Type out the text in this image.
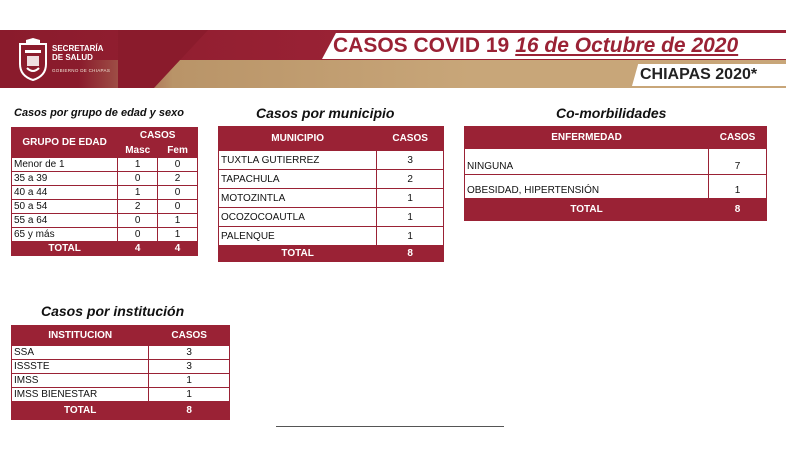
SECRETARÍA
DE SALUD
GOBIERNO DE CHIAPAS
CASOS COVID 19 16 de Octubre de 2020
CHIAPAS 2020*
Casos por grupo de edad y sexo
GRUPO DE EDAD	CASOS	
	Masc	Fem
Menor de 1	1	0
35 a 39	0	2
40 a 44	1	0
50 a 54	2	0
55 a 64	0	1
65 y más	0	1
TOTAL	4	4
Casos por municipio
MUNICIPIO	CASOS
TUXTLA GUTIERREZ	3
TAPACHULA	2
MOTOZINTLA	1
OCOZOCOAUTLA	1
PALENQUE	1
TOTAL	8
Co-morbilidades
ENFERMEDAD	CASOS
NINGUNA	7
OBESIDAD, HIPERTENSIÓN	1
TOTAL	8
Casos por institución
INSTITUCION	CASOS
SSA	3
ISSSTE	3
IMSS	1
IMSS BIENESTAR	1
TOTAL	8
